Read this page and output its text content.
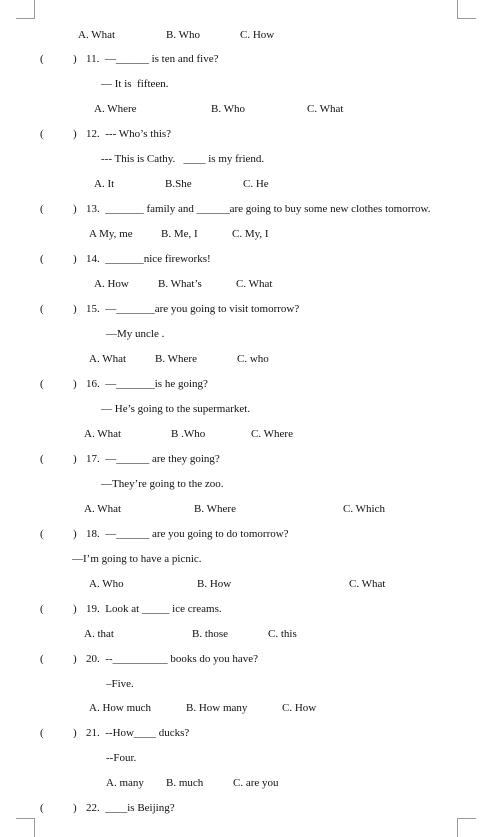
A. What	B. Who	C. How
(	) 11.  —______ is ten and five?
— It is  fifteen.
A. Where	B. Who	C. What
(	) 12.  --- Who’s this?
--- This is Cathy.   ____ is my friend.
A. It	B.She	C. He
(	) 13.  _______ family and ______are going to buy some new clothes tomorrow.
A My, me	B. Me, I	C. My, I
(	) 14.  _______nice fireworks!
A. How	B. What’s	C. What
(	) 15.  —_______are you going to visit tomorrow?
—My uncle .
A. What	B. Where	C. who
(	) 16.  —_______is he going?
— He’s going to the supermarket.
A. What	B .Who	C. Where
(	) 17.  —______ are they going?
—They’re going to the zoo.
A. What	B. Where	C. Which
(	) 18.  —______ are you going to do tomorrow?
—I’m going to have a picnic.
A. Who	B. How	C. What
(	) 19.  Look at _____ ice creams.
A. that	B. those	C. this
(	) 20.  --__________ books do you have?
–Five.
A. How much	B. How many	C. How
(	) 21.  --How____ ducks?
--Four.
A. many B. much	C. are you
(	) 22.  ____is Beijing?
